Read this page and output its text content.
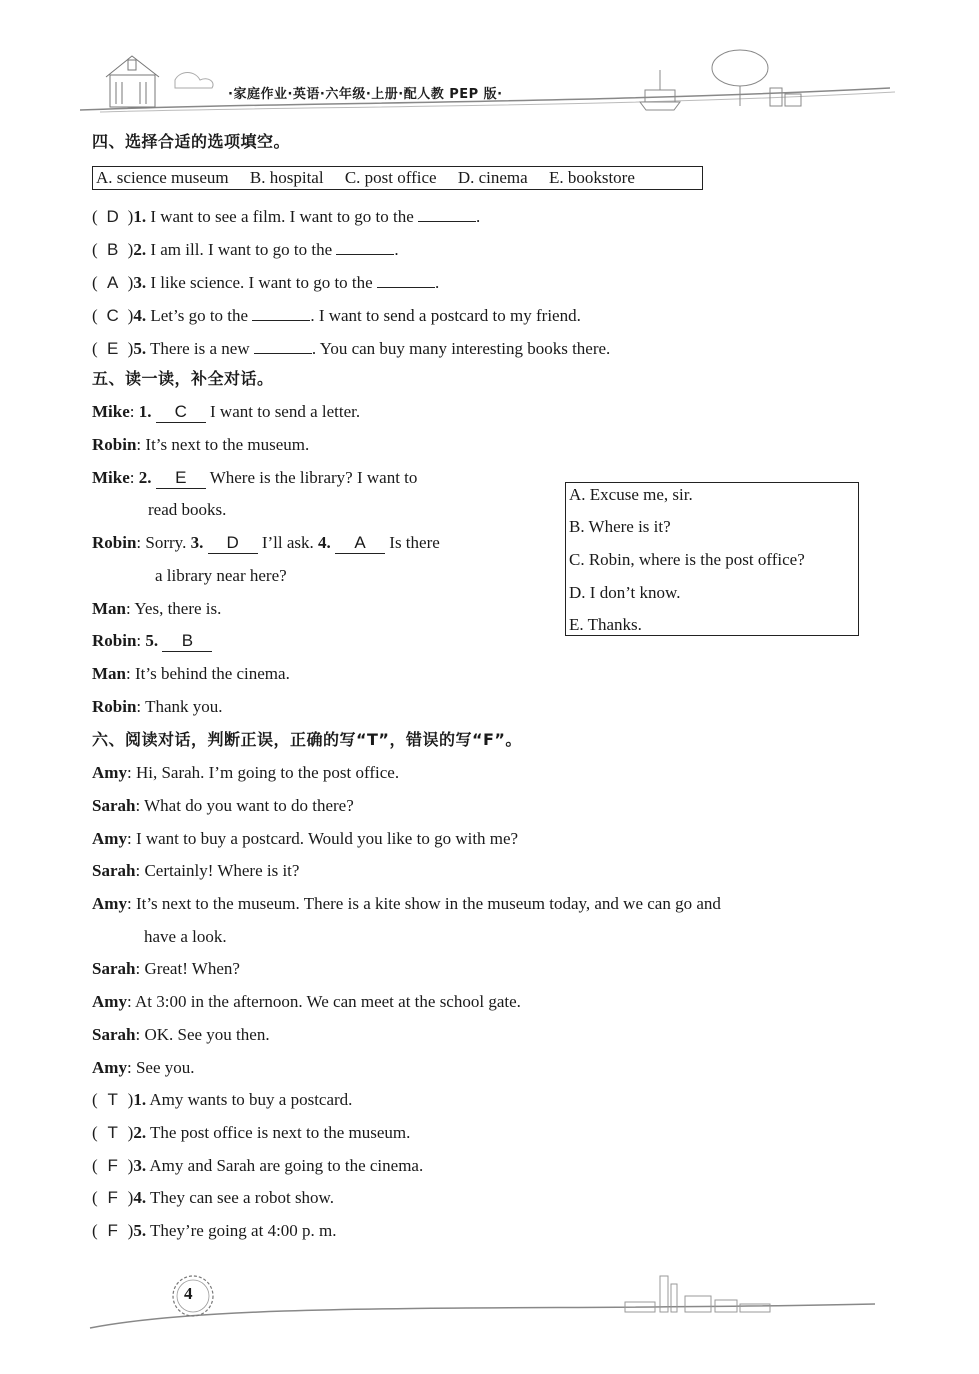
·家庭作业·英语·六年级·上册·配人教 PEP 版·
四、选择合适的选项填空。
A. science museum B. hospital C. post office D. cinema E. bookstore
( D )1. I want to see a film. I want to go to the	.
( B )2. I am ill. I want to go to the	.
( A )3. I like science. I want to go to the	.
( C )4. Let’s go to the	. I want to send a postcard to my friend.
( E )5. There is a new	. You can buy many interesting books there.
五、读一读，补全对话。
Mike: 1. C I want to send a letter.
Robin: It’s next to the museum.
Mike: 2. E Where is the library? I want to
read books.
Robin: Sorry. 3. D I’ll ask. 4. A Is there
a library near here?
Man: Yes, there is.
Robin: 5. B
Man: It’s behind the cinema.
Robin: Thank you.
A. Excuse me, sir.
B. Where is it?
C. Robin, where is the post office?
D. I don’t know.
E. Thanks.
六、阅读对话，判断正误，正确的写“T”，错误的写“F”。
Amy: Hi, Sarah. I’m going to the post office.
Sarah: What do you want to do there?
Amy: I want to buy a postcard. Would you like to go with me?
Sarah: Certainly! Where is it?
Amy: It’s next to the museum. There is a kite show in the museum today, and we can go and
have a look.
Sarah: Great! When?
Amy: At 3:00 in the afternoon. We can meet at the school gate.
Sarah: OK. See you then.
Amy: See you.
( T )1. Amy wants to buy a postcard.
( T )2. The post office is next to the museum.
( F )3. Amy and Sarah are going to the cinema.
( F )4. They can see a robot show.
( F )5. They’re going at 4:00 p. m.
4
